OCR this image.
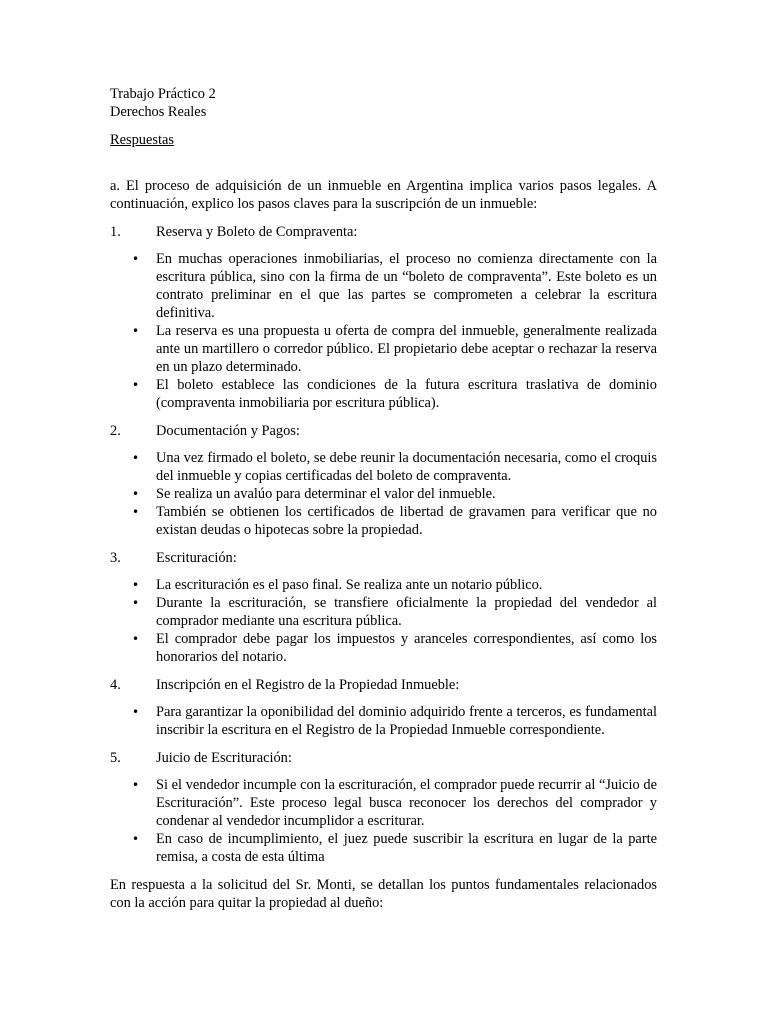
Trabajo Práctico 2
Derechos Reales
Respuestas
a. El proceso de adquisición de un inmueble en Argentina implica varios pasos legales. A continuación, explico los pasos claves para la suscripción de un inmueble:
1.	Reserva y Boleto de Compraventa:
•	En muchas operaciones inmobiliarias, el proceso no comienza directamente con la escritura pública, sino con la firma de un “boleto de compraventa”. Este boleto es un contrato preliminar en el que las partes se comprometen a celebrar la escritura definitiva.
•	La reserva es una propuesta u oferta de compra del inmueble, generalmente realizada ante un martillero o corredor público. El propietario debe aceptar o rechazar la reserva en un plazo determinado.
•	El boleto establece las condiciones de la futura escritura traslativa de dominio (compraventa inmobiliaria por escritura pública).
2.	Documentación y Pagos:
•	Una vez firmado el boleto, se debe reunir la documentación necesaria, como el croquis del inmueble y copias certificadas del boleto de compraventa.
•	Se realiza un avalúo para determinar el valor del inmueble.
•	También se obtienen los certificados de libertad de gravamen para verificar que no existan deudas o hipotecas sobre la propiedad.
3.	Escrituración:
•	La escrituración es el paso final. Se realiza ante un notario público.
•	Durante la escrituración, se transfiere oficialmente la propiedad del vendedor al comprador mediante una escritura pública.
•	El comprador debe pagar los impuestos y aranceles correspondientes, así como los honorarios del notario.
4.	Inscripción en el Registro de la Propiedad Inmueble:
•	Para garantizar la oponibilidad del dominio adquirido frente a terceros, es fundamental inscribir la escritura en el Registro de la Propiedad Inmueble correspondiente.
5.	Juicio de Escrituración:
•	Si el vendedor incumple con la escrituración, el comprador puede recurrir al “Juicio de Escrituración”. Este proceso legal busca reconocer los derechos del comprador y condenar al vendedor incumplidor a escriturar.
•	En caso de incumplimiento, el juez puede suscribir la escritura en lugar de la parte remisa, a costa de esta última
En respuesta a la solicitud del Sr. Monti, se detallan los puntos fundamentales relacionados con la acción para quitar la propiedad al dueño:
